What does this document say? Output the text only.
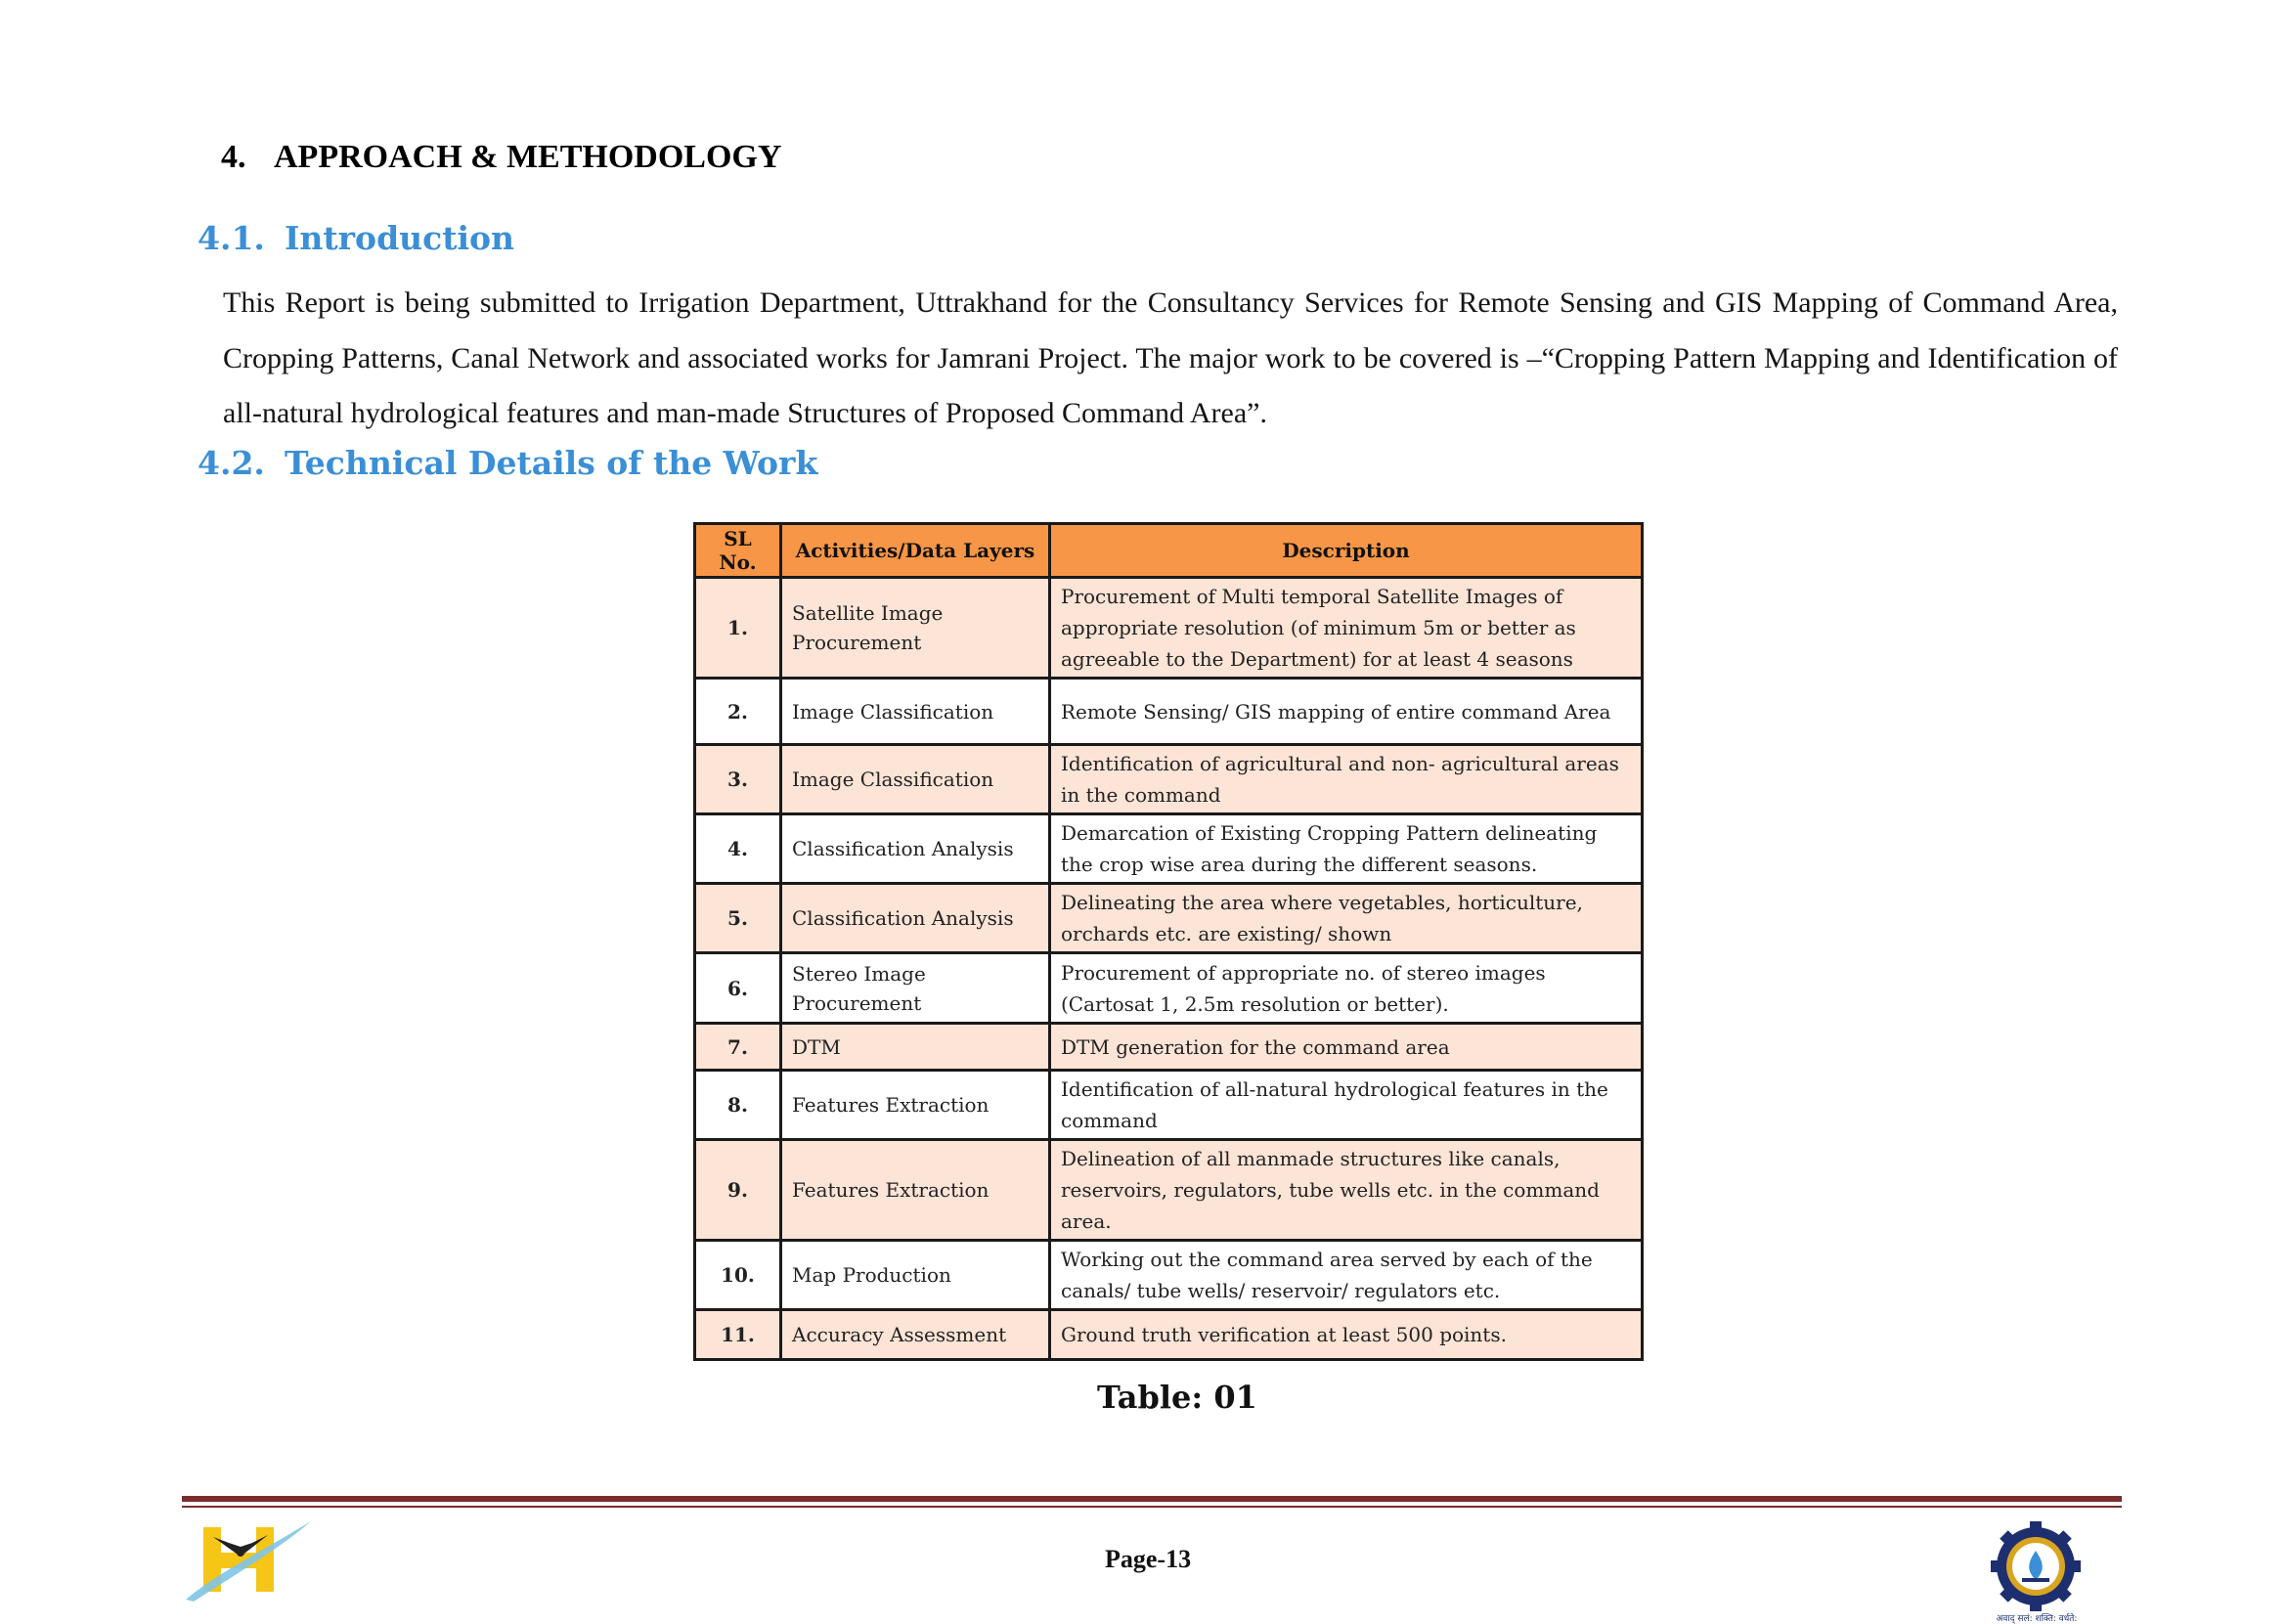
4. APPROACH & METHODOLOGY
4.1. Introduction
This Report is being submitted to Irrigation Department, Uttrakhand for the Consultancy Services for Remote Sensing and GIS Mapping of Command Area, Cropping Patterns, Canal Network and associated works for Jamrani Project. The major work to be covered is –“Cropping Pattern Mapping and Identification of all-natural hydrological features and man-made Structures of Proposed Command Area”.
4.2. Technical Details of the Work
SL No.	Activities/Data Layers	Description
1.	Satellite Image Procurement	Procurement of Multi temporal Satellite Images of appropriate resolution (of minimum 5m or better as agreeable to the Department) for at least 4 seasons
2.	Image Classification	Remote Sensing/ GIS mapping of entire command Area
3.	Image Classification	Identification of agricultural and non- agricultural areas in the command
4.	Classification Analysis	Demarcation of Existing Cropping Pattern delineating the crop wise area during the different seasons.
5.	Classification Analysis	Delineating the area where vegetables, horticulture, orchards etc. are existing/ shown
6.	Stereo Image Procurement	Procurement of appropriate no. of stereo images (Cartosat 1, 2.5m resolution or better).
7.	DTM	DTM generation for the command area
8.	Features Extraction	Identification of all-natural hydrological features in the command
9.	Features Extraction	Delineation of all manmade structures like canals, reservoirs, regulators, tube wells etc. in the command area.
10.	Map Production	Working out the command area served by each of the canals/ tube wells/ reservoir/ regulators etc.
11.	Accuracy Assessment	Ground truth verification at least 500 points.
Table: 01
Page-13
अवाद् सलं: शक्ति: वर्धते:
